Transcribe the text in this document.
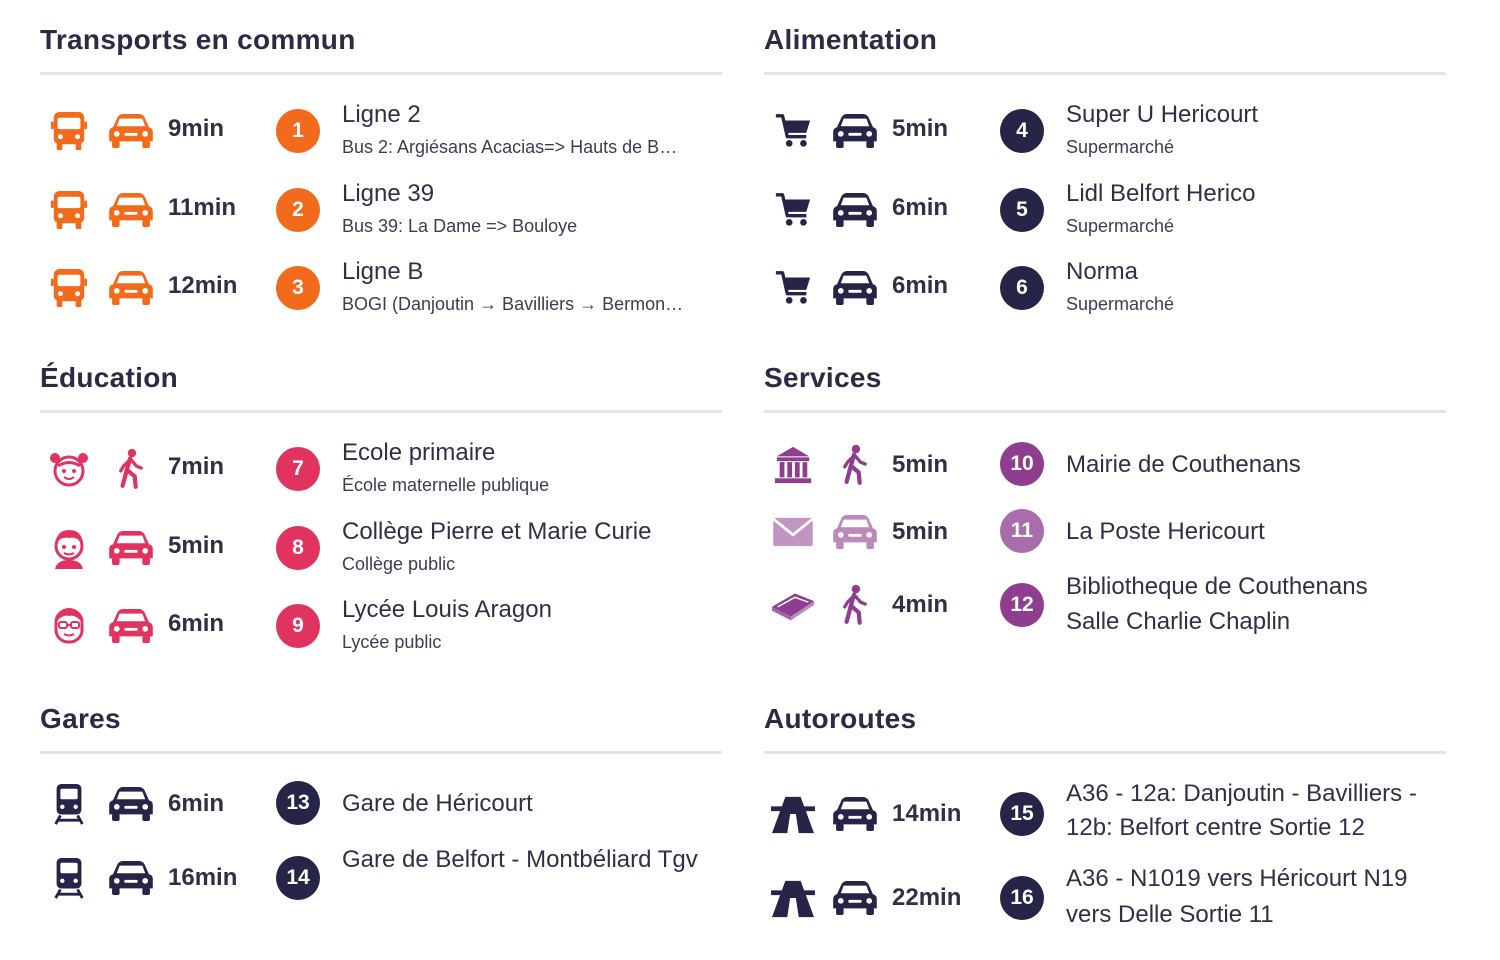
Transports en commun
9min	1
Ligne 2
Bus 2: Argiésans Acacias=> Hauts de B…
11min	2
Ligne 39
Bus 39: La Dame => Bouloye
12min	3
Ligne B
BOGI (Danjoutin → Bavilliers → Bermon…
Alimentation
5min	4
Super U Hericourt
Supermarché
6min	5
Lidl Belfort Herico
Supermarché
6min	6
Norma
Supermarché
Éducation
7min	7
Ecole primaire
École maternelle publique
5min	8
Collège Pierre et Marie Curie
Collège public
6min	9
Lycée Louis Aragon
Lycée public
Services
5min	10	Mairie de Couthenans
5min	11	La Poste Hericourt
4min	12
Bibliotheque de Couthenans Salle Charlie Chaplin
Gares
6min	13	Gare de Héricourt
16min	14
Gare de Belfort - Montbéliard Tgv
Autoroutes
14min	15
A36 - 12a: Danjoutin - Bavilliers - 12b: Belfort centre Sortie 12
22min	16
A36 - N1019 vers Héricourt N19 vers Delle Sortie 11
